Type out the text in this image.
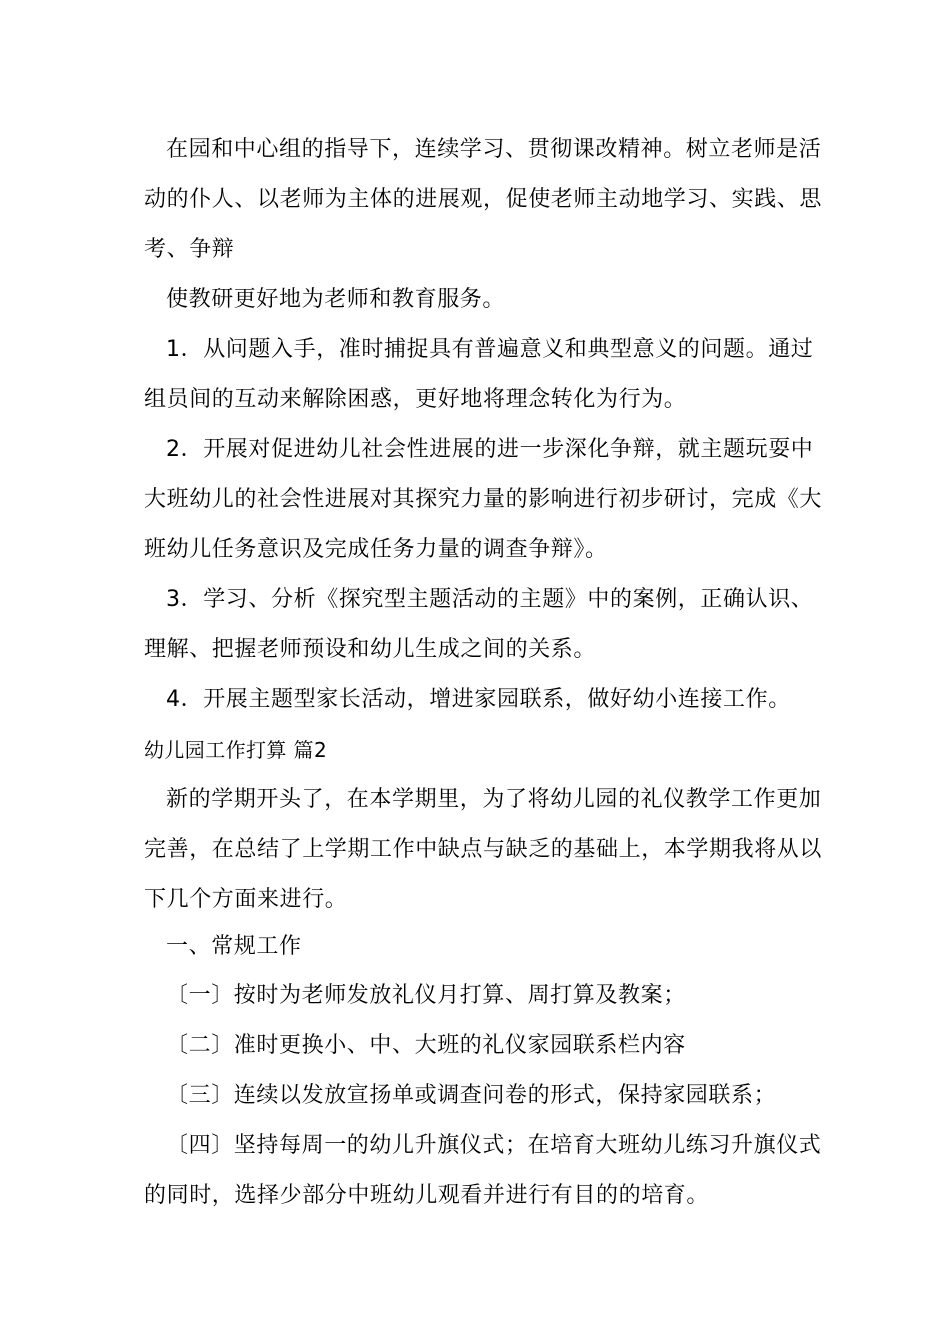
在园和中心组的指导下，连续学习、贯彻课改精神。树立老师是活动的仆人、以老师为主体的进展观，促使老师主动地学习、实践、思考、争辩

使教研更好地为老师和教育服务。

1．从问题入手，准时捕捉具有普遍意义和典型意义的问题。通过组员间的互动来解除困惑，更好地将理念转化为行为。

2．开展对促进幼儿社会性进展的进一步深化争辩，就主题玩耍中大班幼儿的社会性进展对其探究力量的影响进行初步研讨，完成《大班幼儿任务意识及完成任务力量的调查争辩》。

3．学习、分析《探究型主题活动的主题》中的案例，正确认识、理解、把握老师预设和幼儿生成之间的关系。

4．开展主题型家长活动，增进家园联系，做好幼小连接工作。

幼儿园工作打算 篇2

新的学期开头了，在本学期里，为了将幼儿园的礼仪教学工作更加完善，在总结了上学期工作中缺点与缺乏的基础上，本学期我将从以下几个方面来进行。

一、常规工作

〔一〕按时为老师发放礼仪月打算、周打算及教案；

〔二〕准时更换小、中、大班的礼仪家园联系栏内容

〔三〕连续以发放宣扬单或调查问卷的形式，保持家园联系；

〔四〕坚持每周一的幼儿升旗仪式；在培育大班幼儿练习升旗仪式的同时，选择少部分中班幼儿观看并进行有目的的培育。
